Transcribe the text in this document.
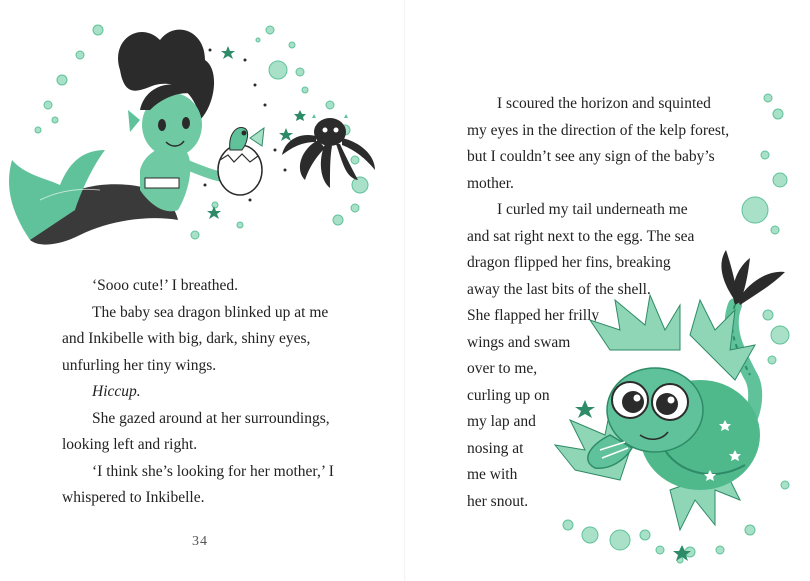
‘Sooo cute!’ I breathed.

The baby sea dragon blinked up at me

and Inkibelle with big, dark, shiny eyes,

unfurling her tiny wings.

Hiccup.

She gazed around at her surroundings,

looking left and right.

‘I think she’s looking for her mother,’ I

whispered to Inkibelle.

34

I scoured the horizon and squinted

my eyes in the direction of the kelp forest,

but I couldn’t see any sign of the baby’s

mother.

I curled my tail underneath me

and sat right next to the egg. The sea

dragon flipped her fins, breaking

away the last bits of the shell.

She flapped her frilly

wings and swam

over to me,

curling up on

my lap and

nosing at

me with

her snout.
